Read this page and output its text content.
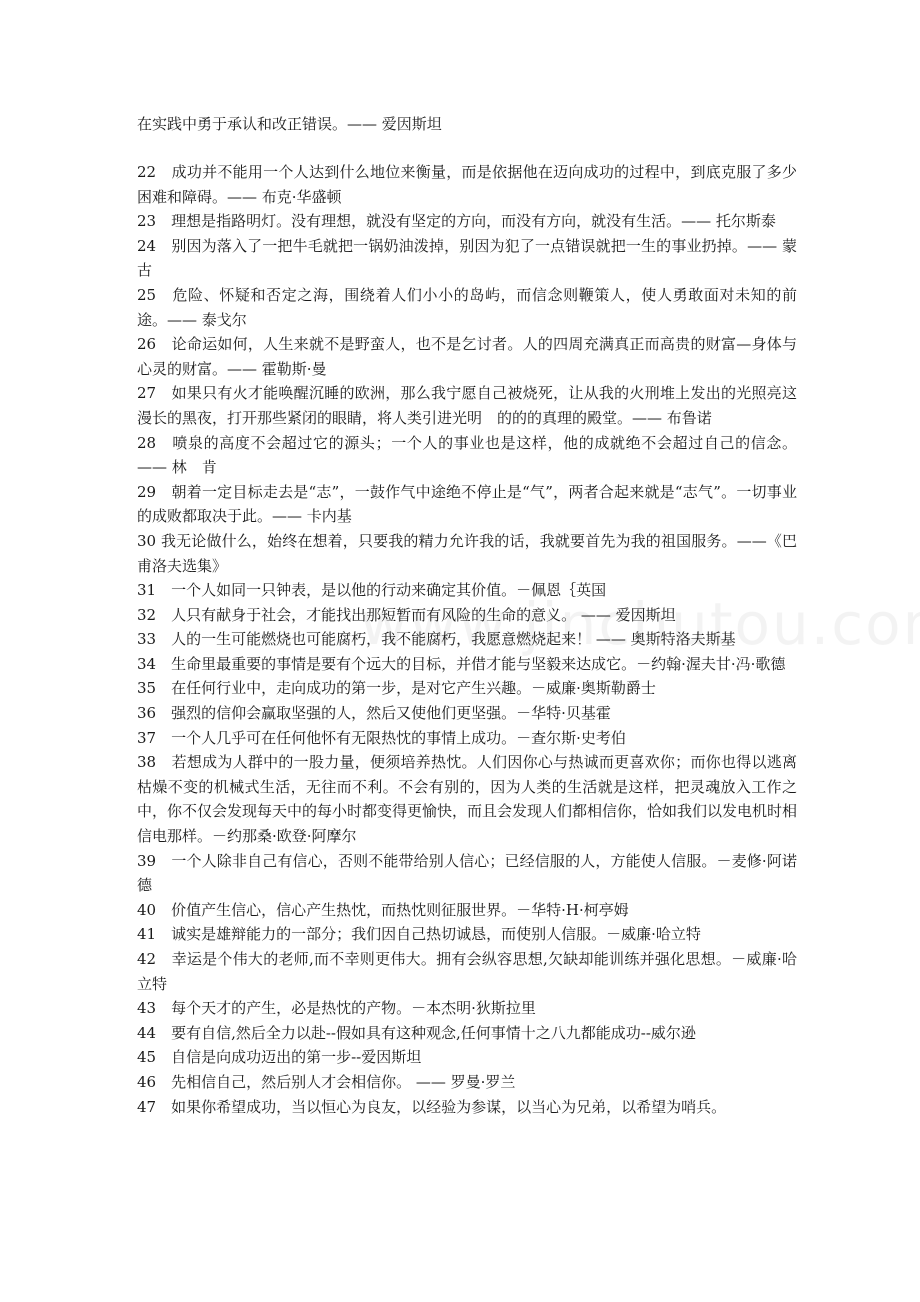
在实践中勇于承认和改正错误。—— 爱因斯坦

22　成功并不能用一个人达到什么地位来衡量，而是依据他在迈向成功的过程中，到底克服了多少困难和障碍。—— 布克·华盛顿
23　理想是指路明灯。没有理想，就没有坚定的方向，而没有方向，就没有生活。—— 托尔斯泰
24　别因为落入了一把牛毛就把一锅奶油泼掉，别因为犯了一点错误就把一生的事业扔掉。—— 蒙　古
25　危险、怀疑和否定之海，围绕着人们小小的岛屿，而信念则鞭策人，使人勇敢面对未知的前途。—— 泰戈尔
26　论命运如何，人生来就不是野蛮人，也不是乞讨者。人的四周充满真正而高贵的财富—身体与心灵的财富。—— 霍勒斯·曼
27　如果只有火才能唤醒沉睡的欧洲，那么我宁愿自己被烧死，让从我的火刑堆上发出的光照亮这漫长的黑夜，打开那些紧闭的眼睛，将人类引进光明　的的的真理的殿堂。—— 布鲁诺
28　喷泉的高度不会超过它的源头；一个人的事业也是这样，他的成就绝不会超过自己的信念。—— 林　肯
29　朝着一定目标走去是“志”，一鼓作气中途绝不停止是“气”，两者合起来就是“志气”。一切事业的成败都取决于此。—— 卡内基
30 我无论做什么，始终在想着，只要我的精力允许我的话，我就要首先为我的祖国服务。——《巴甫洛夫选集》
31　一个人如同一只钟表，是以他的行动来确定其价值。－佩恩｛英国
32　人只有献身于社会，才能找出那短暂而有风险的生命的意义。 —— 爱因斯坦
33　人的一生可能燃烧也可能腐朽，我不能腐朽，我愿意燃烧起来！ —— 奥斯特洛夫斯基
34　生命里最重要的事情是要有个远大的目标，并借才能与坚毅来达成它。－约翰·渥夫甘·冯·歌德
35　在任何行业中，走向成功的第一步，是对它产生兴趣。－威廉·奥斯勒爵士
36　强烈的信仰会赢取坚强的人，然后又使他们更坚强。－华特·贝基霍
37　一个人几乎可在任何他怀有无限热忱的事情上成功。－查尔斯·史考伯
38　若想成为人群中的一股力量，便须培养热忱。人们因你心与热诚而更喜欢你；而你也得以逃离枯燥不变的机械式生活，无往而不利。不会有别的，因为人类的生活就是这样，把灵魂放入工作之中，你不仅会发现每天中的每小时都变得更愉快，而且会发现人们都相信你，恰如我们以发电机时相信电那样。－约那桑·欧登·阿摩尔
39　一个人除非自己有信心，否则不能带给别人信心；已经信服的人，方能使人信服。－麦修·阿诺德
40　价值产生信心，信心产生热忱，而热忱则征服世界。－华特·H·柯亭姆
41　诚实是雄辩能力的一部分；我们因自己热切诚恳，而使别人信服。－威廉·哈立特
42　幸运是个伟大的老师,而不幸则更伟大。拥有会纵容思想,欠缺却能训练并强化思想。－威廉·哈立特
43　每个天才的产生，必是热忱的产物。－本杰明·狄斯拉里
44　要有自信,然后全力以赴--假如具有这种观念,任何事情十之八九都能成功--威尔逊
45　自信是向成功迈出的第一步--爱因斯坦
46　先相信自己，然后别人才会相信你。 —— 罗曼·罗兰
47　如果你希望成功，当以恒心为良友，以经验为参谋，以当心为兄弟，以希望为哨兵。
